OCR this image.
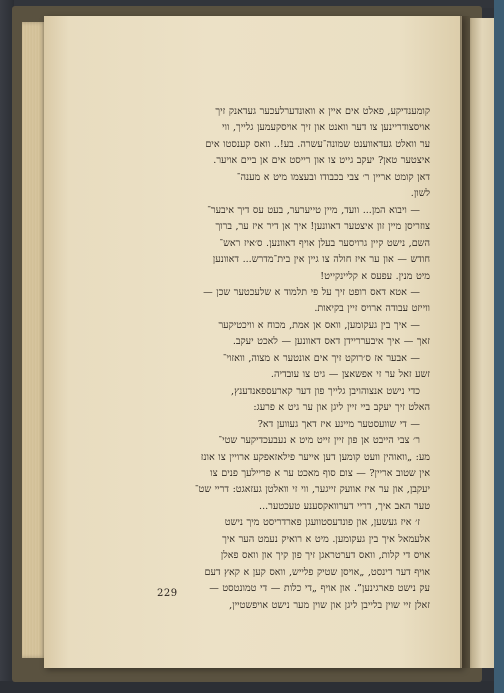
קומענדיקע, פאלט אים איין א וואונדערלעכער געדאנק זיך

אויסצודריינען צו דער וואנט און זיך אויסקעמען גלייך, ווי

ער וואלט געדאווענט שמונה־עשרה. בע!.. וואס קענסטו אים

איצטער טאן? יעקב גייט צו און רייסט אים אן ביים אויער.

דאן קומט אריין ר׳ צבי בכבודו ובעצמו מיט א מענה־

לשון.

— ויבוא המן... וועד, מיין טייערער, בעט עס דיך איבער־

צוזריסן מיין זון איצטער דאוונען! איך אן דיר איז ער, ברוך

השם, נישט קיין גרויסער בעלן אויף דאוונען. ס׳איז ראש־

חודש — און ער איז חולה צו גיין אין בית־מדרש... דאוונען

מיט מנין. עפעס א קליינקייט!

— אטא דאס רופט זיך על פי תלמוד א שלעכטער שכן —

ווייזט עבודה ארויס זיין בקיאות.

— איך בין געקומען, וואס אן אמת, מכוח א וויכטיקער

זאך — איך איבערריידן דאס דאוונען — לאכט יעקב.

— אבער אז ס׳רוקט זיך אים אונטער א מצוה, וואזוי־

זשע זאל ער זי אפשאצן — גיט צו עובדיה.

כדי נישט אנצוהויבן גלייך פון דער קארעספאנדענץ,

האלט זיך יעקב ביי זיין ליגן און ער גיט א פרעג:

— די שוועסטער מיינע איז דאך געווען דא?

ר׳ צבי הייבט אן פון זיין זייט מיט א נעבעכדיקער שטי־

מע: „וואוהין וועט קומען דען אייער פילאזאפקע ארויין צו אונז

אין שטוב אריין? — צום סוף מאכט ער א פריילעך פנים צו

יעקבן, און ער איז אוועק זייגער, ווי זי וואלטן געזאגט: דריי שט־

טער האב איך, דריי דערוואקסענע טעכטער...

ז׳ איז געשען, און פונדעסטוועגן פארדריסט מיך נישט

אלעמאל איך בין געקומען. מיט א רואיק נעמט הער איך

אויס די קלות, וואס דערטראגן זיך פון קיך און וואס פאלן

אויף דער דינסט, „אויסן שטיק פלייש, וואס קען א קאץ דעם

עק נישט פארגינען”. און אויף „די כלות — די טמונטסט —

זאלן זיי שוין בלייבן ליגן און שוין מער נישט אויפשטיין,

229
